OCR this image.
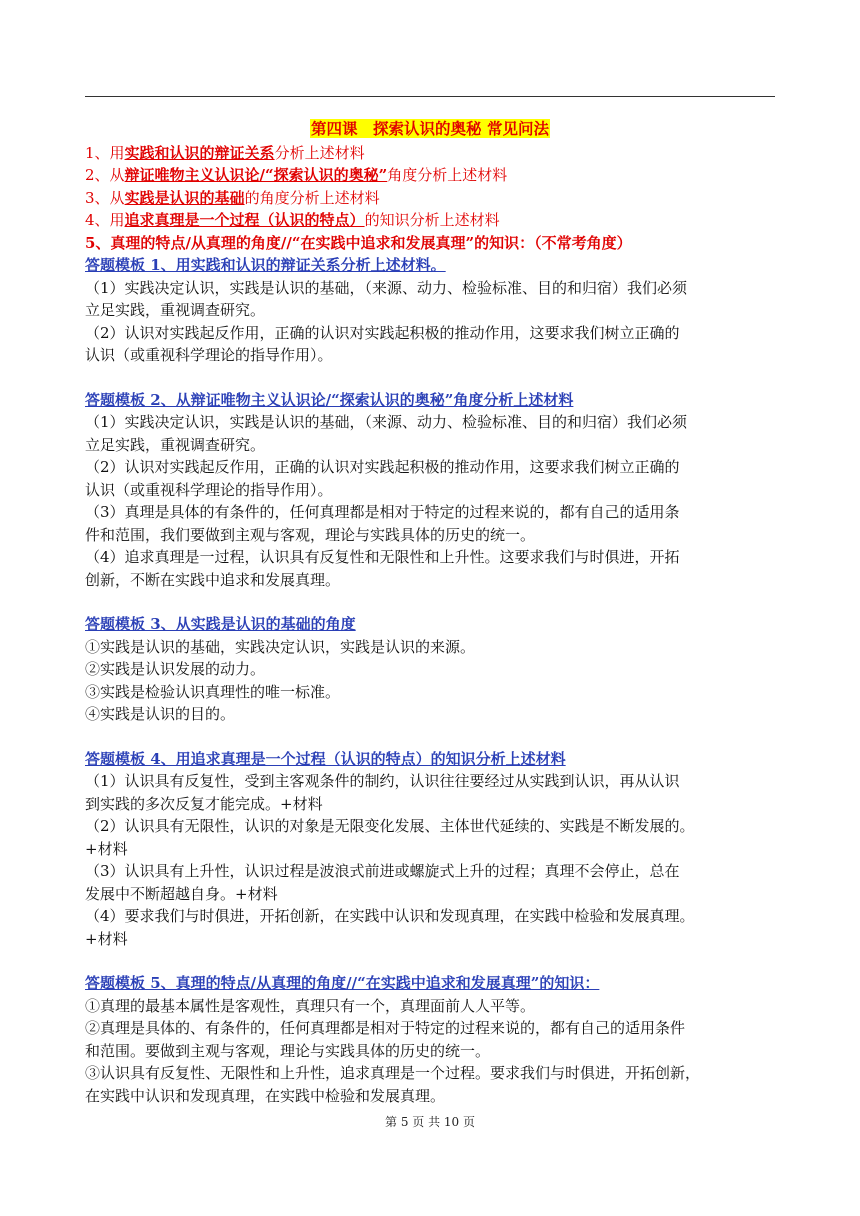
第四课　探索认识的奥秘 常见问法
1、用实践和认识的辩证关系分析上述材料
2、从辩证唯物主义认识论/“探索认识的奥秘”角度分析上述材料
3、从实践是认识的基础的角度分析上述材料
4、用追求真理是一个过程（认识的特点）的知识分析上述材料
5、真理的特点/从真理的角度//“在实践中追求和发展真理”的知识：（不常考角度）
答题模板 1、用实践和认识的辩证关系分析上述材料。

（1）实践决定认识，实践是认识的基础，（来源、动力、检验标准、目的和归宿）我们必须

立足实践，重视调查研究。

（2）认识对实践起反作用，正确的认识对实践起积极的推动作用，这要求我们树立正确的

认识（或重视科学理论的指导作用）。

答题模板 2、从辩证唯物主义认识论/“探索认识的奥秘”角度分析上述材料

（1）实践决定认识，实践是认识的基础，（来源、动力、检验标准、目的和归宿）我们必须

立足实践，重视调查研究。

（2）认识对实践起反作用，正确的认识对实践起积极的推动作用，这要求我们树立正确的

认识（或重视科学理论的指导作用）。

（3）真理是具体的有条件的，任何真理都是相对于特定的过程来说的，都有自己的适用条

件和范围，我们要做到主观与客观，理论与实践具体的历史的统一。

（4）追求真理是一过程，认识具有反复性和无限性和上升性。这要求我们与时俱进，开拓

创新，不断在实践中追求和发展真理。

答题模板 3、从实践是认识的基础的角度

①实践是认识的基础，实践决定认识，实践是认识的来源。

②实践是认识发展的动力。

③实践是检验认识真理性的唯一标准。

④实践是认识的目的。

答题模板 4、用追求真理是一个过程（认识的特点）的知识分析上述材料

（1）认识具有反复性，受到主客观条件的制约，认识往往要经过从实践到认识，再从认识

到实践的多次反复才能完成。+材料

（2）认识具有无限性，认识的对象是无限变化发展、主体世代延续的、实践是不断发展的。

+材料

（3）认识具有上升性，认识过程是波浪式前进或螺旋式上升的过程；真理不会停止，总在

发展中不断超越自身。+材料

（4）要求我们与时俱进，开拓创新，在实践中认识和发现真理，在实践中检验和发展真理。

+材料

答题模板 5、真理的特点/从真理的角度//“在实践中追求和发展真理”的知识：

①真理的最基本属性是客观性，真理只有一个，真理面前人人平等。

②真理是具体的、有条件的，任何真理都是相对于特定的过程来说的，都有自己的适用条件

和范围。要做到主观与客观，理论与实践具体的历史的统一。

③认识具有反复性、无限性和上升性，追求真理是一个过程。要求我们与时俱进，开拓创新，

在实践中认识和发现真理，在实践中检验和发展真理。

第 5 页 共 10 页
